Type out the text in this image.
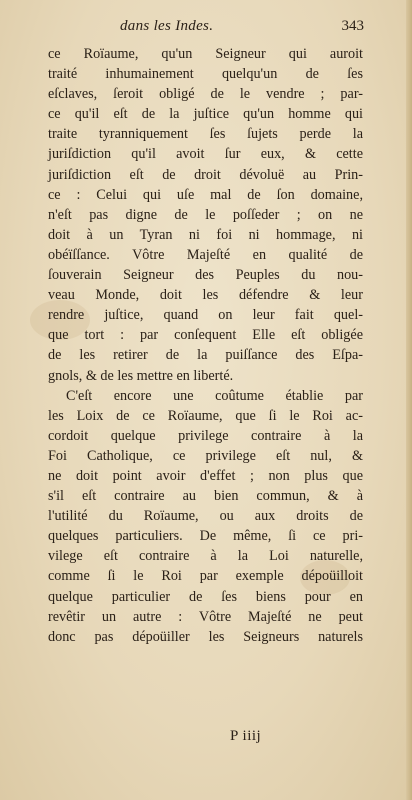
dans les Indes.	343
ce Roïaume, qu'un Seigneur qui auroit
traité inhumainement quelqu'un de ſes
eſclaves, ſeroit obligé de le vendre ; par-
ce qu'il eſt de la juſtice qu'un homme qui
traite tyranniquement ſes ſujets perde la
juriſdiction qu'il avoit ſur eux, & cette
juriſdiction eſt de droit dévoluë au Prin-
ce : Celui qui uſe mal de ſon domaine,
n'eſt pas digne de le poſſeder ; on ne
doit à un Tyran ni foi ni hommage, ni
obéïſſance. Vôtre Majeſté en qualité de
ſouverain Seigneur des Peuples du nou-
veau Monde, doit les défendre & leur
rendre juſtice, quand on leur fait quel-
que tort : par conſequent Elle eſt obligée
de les retirer de la puiſſance des Eſpa-
gnols, & de les mettre en liberté.
C'eſt encore une coûtume établie par
les Loix de ce Roïaume, que ſi le Roi ac-
cordoit quelque privilege contraire à la
Foi Catholique, ce privilege eſt nul, &
ne doit point avoir d'effet ; non plus que
s'il eſt contraire au bien commun, & à
l'utilité du Roïaume, ou aux droits de
quelques particuliers. De même, ſi ce pri-
vilege eſt contraire à la Loi naturelle,
comme ſi le Roi par exemple dépoüilloit
quelque particulier de ſes biens pour en
revêtir un autre : Vôtre Majeſté ne peut
donc pas dépoüiller les Seigneurs naturels
P iiij
